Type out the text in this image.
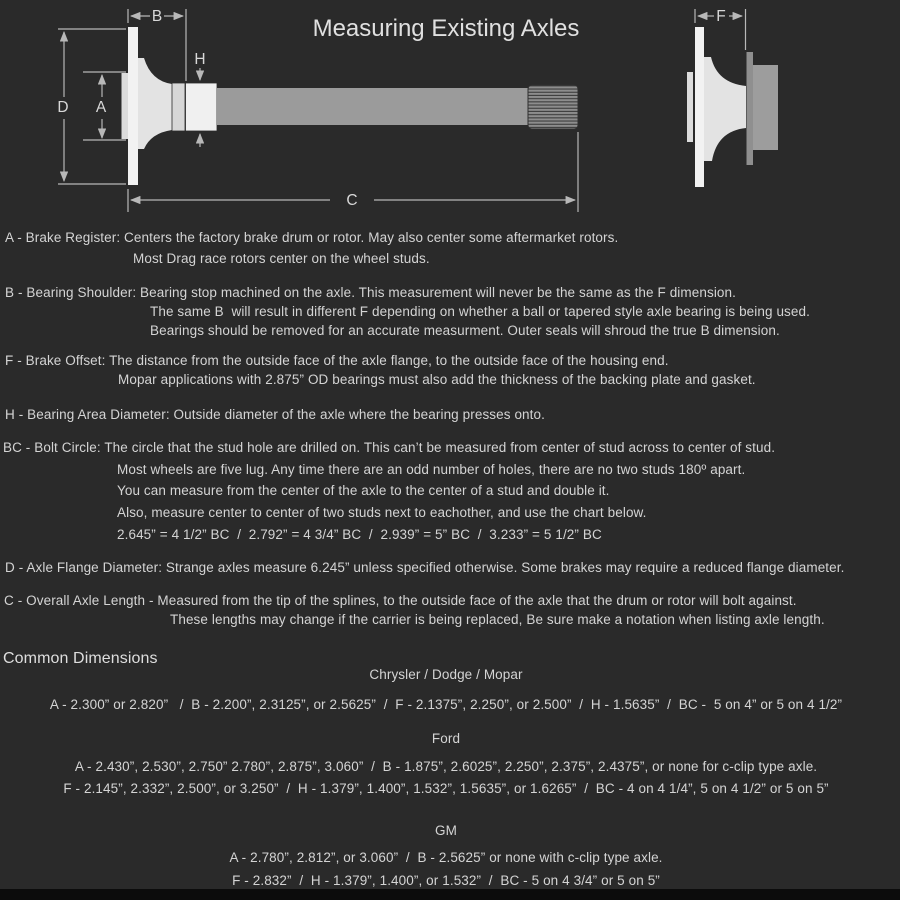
Measuring Existing Axles
D A
B
H
C
F
A - Brake Register: Centers the factory brake drum or rotor. May also center some aftermarket rotors.
Most Drag race rotors center on the wheel studs.
B - Bearing Shoulder: Bearing stop machined on the axle. This measurement will never be the same as the F dimension.
The same B  will result in different F depending on whether a ball or tapered style axle bearing is being used.
Bearings should be removed for an accurate measurment. Outer seals will shroud the true B dimension.
F - Brake Offset: The distance from the outside face of the axle flange, to the outside face of the housing end.
Mopar applications with 2.875” OD bearings must also add the thickness of the backing plate and gasket.
H - Bearing Area Diameter: Outside diameter of the axle where the bearing presses onto.
BC - Bolt Circle: The circle that the stud hole are drilled on. This can’t be measured from center of stud across to center of stud.
Most wheels are five lug. Any time there are an odd number of holes, there are no two studs 180º apart.
You can measure from the center of the axle to the center of a stud and double it.
Also, measure center to center of two studs next to eachother, and use the chart below.
2.645” = 4 1/2” BC  /  2.792” = 4 3/4” BC  /  2.939” = 5” BC  /  3.233” = 5 1/2” BC
D - Axle Flange Diameter: Strange axles measure 6.245” unless specified otherwise. Some brakes may require a reduced flange diameter.
C - Overall Axle Length - Measured from the tip of the splines, to the outside face of the axle that the drum or rotor will bolt against.
These lengths may change if the carrier is being replaced, Be sure make a notation when listing axle length.
Common Dimensions
Chrysler / Dodge / Mopar
A - 2.300” or 2.820”   /  B - 2.200”, 2.3125”, or 2.5625”  /  F - 2.1375”, 2.250”, or 2.500”  /  H - 1.5635”  /  BC -  5 on 4” or 5 on 4 1/2”
Ford
A - 2.430”, 2.530”, 2.750” 2.780”, 2.875”, 3.060”  /  B - 1.875”, 2.6025”, 2.250”, 2.375”, 2.4375”, or none for c-clip type axle.
F - 2.145”, 2.332”, 2.500”, or 3.250”  /  H - 1.379”, 1.400”, 1.532”, 1.5635”, or 1.6265”  /  BC - 4 on 4 1/4”, 5 on 4 1/2” or 5 on 5”
GM
A - 2.780”, 2.812”, or 3.060”  /  B - 2.5625” or none with c-clip type axle.
F - 2.832”  /  H - 1.379”, 1.400”, or 1.532”  /  BC - 5 on 4 3/4” or 5 on 5”
